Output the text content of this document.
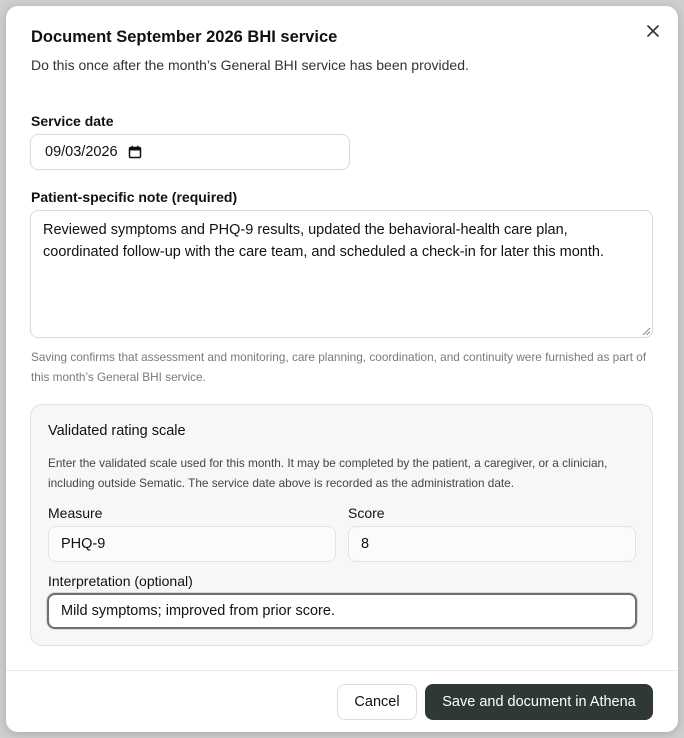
Document September 2026 BHI service
Do this once after the month’s General BHI service has been provided.
Service date
09/03/2026
Patient-specific note (required)
Reviewed symptoms and PHQ-9 results, updated the behavioral-health care plan, coordinated follow-up with the care team, and scheduled a check-in for later this month.
Saving confirms that assessment and monitoring, care planning, coordination, and continuity were furnished as part of this month’s General BHI service.
Validated rating scale
Enter the validated scale used for this month. It may be completed by the patient, a caregiver, or a clinician, including outside Sematic. The service date above is recorded as the administration date.
Measure
PHQ-9
Score
8
Interpretation (optional)
Mild symptoms; improved from prior score.
Cancel	Save and document in Athena
